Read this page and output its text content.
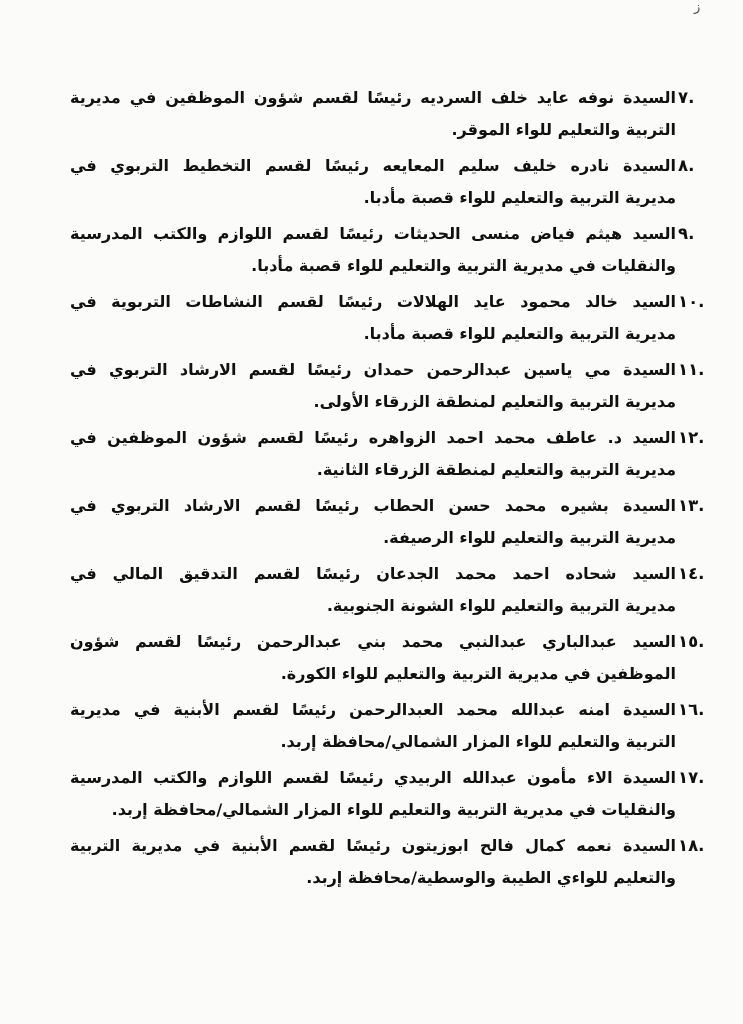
ز
.٧
السيدة نوفه عايد خلف السرديه رئيسًا لقسم شؤون الموظفين في مديرية
التربية والتعليم للواء الموقر.
.٨
السيدة نادره خليف سليم المعايعه رئيسًا لقسم التخطيط التربوي في
مديرية التربية والتعليم للواء قصبة مأدبا.
.٩
السيد هيثم فياض منسى الحديثات رئيسًا لقسم اللوازم والكتب المدرسية
والنقليات في مديرية التربية والتعليم للواء قصبة مأدبا.
.١٠
السيد خالد محمود عايد الهلالات رئيسًا لقسم النشاطات التربوية في
مديرية التربية والتعليم للواء قصبة مأدبا.
.١١
السيدة مي ياسين عبدالرحمن حمدان رئيسًا لقسم الارشاد التربوي في
مديرية التربية والتعليم لمنطقة الزرقاء الأولى.
.١٢
السيد د. عاطف محمد احمد الزواهره رئيسًا لقسم شؤون الموظفين في
مديرية التربية والتعليم لمنطقة الزرقاء الثانية.
.١٣
السيدة بشيره محمد حسن الحطاب رئيسًا لقسم الارشاد التربوي في
مديرية التربية والتعليم للواء الرصيفة.
.١٤
السيد شحاده احمد محمد الجدعان رئيسًا لقسم التدقيق المالي في
مديرية التربية والتعليم للواء الشونة الجنوبية.
.١٥
السيد عبدالباري عبدالنبي محمد بني عبدالرحمن رئيسًا لقسم شؤون
الموظفين في مديرية التربية والتعليم للواء الكورة.
.١٦
السيدة امنه عبدالله محمد العبدالرحمن رئيسًا لقسم الأبنية في مديرية
التربية والتعليم للواء المزار الشمالي/محافظة إربد.
.١٧
السيدة الاء مأمون عبدالله الربيدي رئيسًا لقسم اللوازم والكتب المدرسية
والنقليات في مديرية التربية والتعليم للواء المزار الشمالي/محافظة إربد.
.١٨
السيدة نعمه كمال فالح ابوزيتون رئيسًا لقسم الأبنية في مديرية التربية
والتعليم للواءي الطيبة والوسطية/محافظة إربد.
